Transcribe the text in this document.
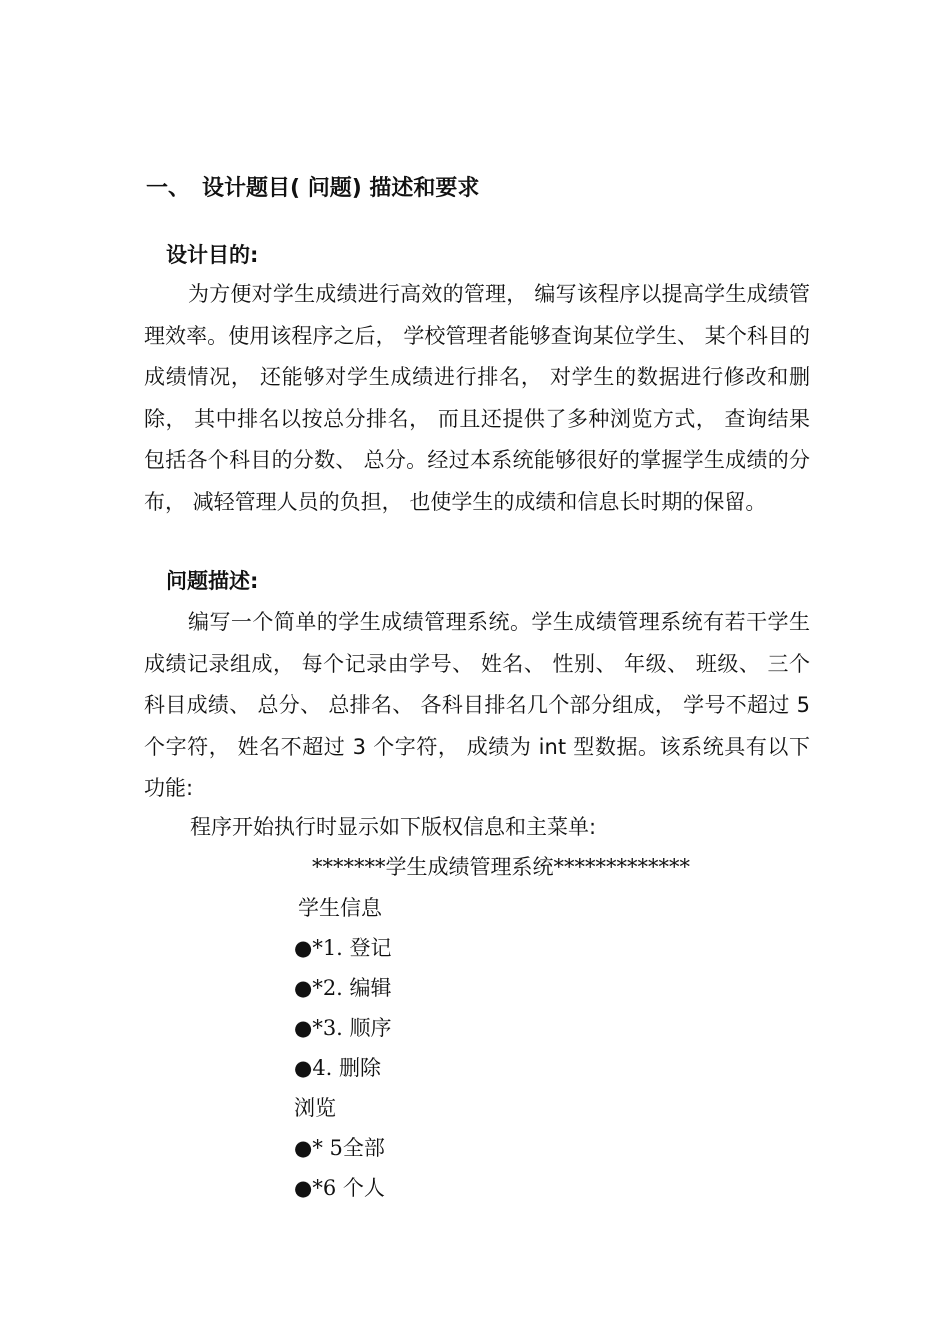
一、 设计题目( 问题) 描述和要求
设计目的:

为方便对学生成绩进行高效的管理， 编写该程序以提高学生成绩管理效率。使用该程序之后， 学校管理者能够查询某位学生、 某个科目的成绩情况， 还能够对学生成绩进行排名， 对学生的数据进行修改和删除， 其中排名以按总分排名， 而且还提供了多种浏览方式， 查询结果包括各个科目的分数、 总分。经过本系统能够很好的掌握学生成绩的分布， 减轻管理人员的负担， 也使学生的成绩和信息长时期的保留。

问题描述:

编写一个简单的学生成绩管理系统。学生成绩管理系统有若干学生成绩记录组成， 每个记录由学号、 姓名、 性别、 年级、 班级、 三个科目成绩、 总分、 总排名、 各科目排名几个部分组成， 学号不超过 5 个字符， 姓名不超过 3 个字符， 成绩为 int 型数据。该系统具有以下功能:

程序开始执行时显示如下版权信息和主菜单:
*******学生成绩管理系统*************
学生信息
●*1. 登记
●*2. 编辑
●*3. 顺序
●4. 删除
浏览
●* 5全部
●*6 个人
